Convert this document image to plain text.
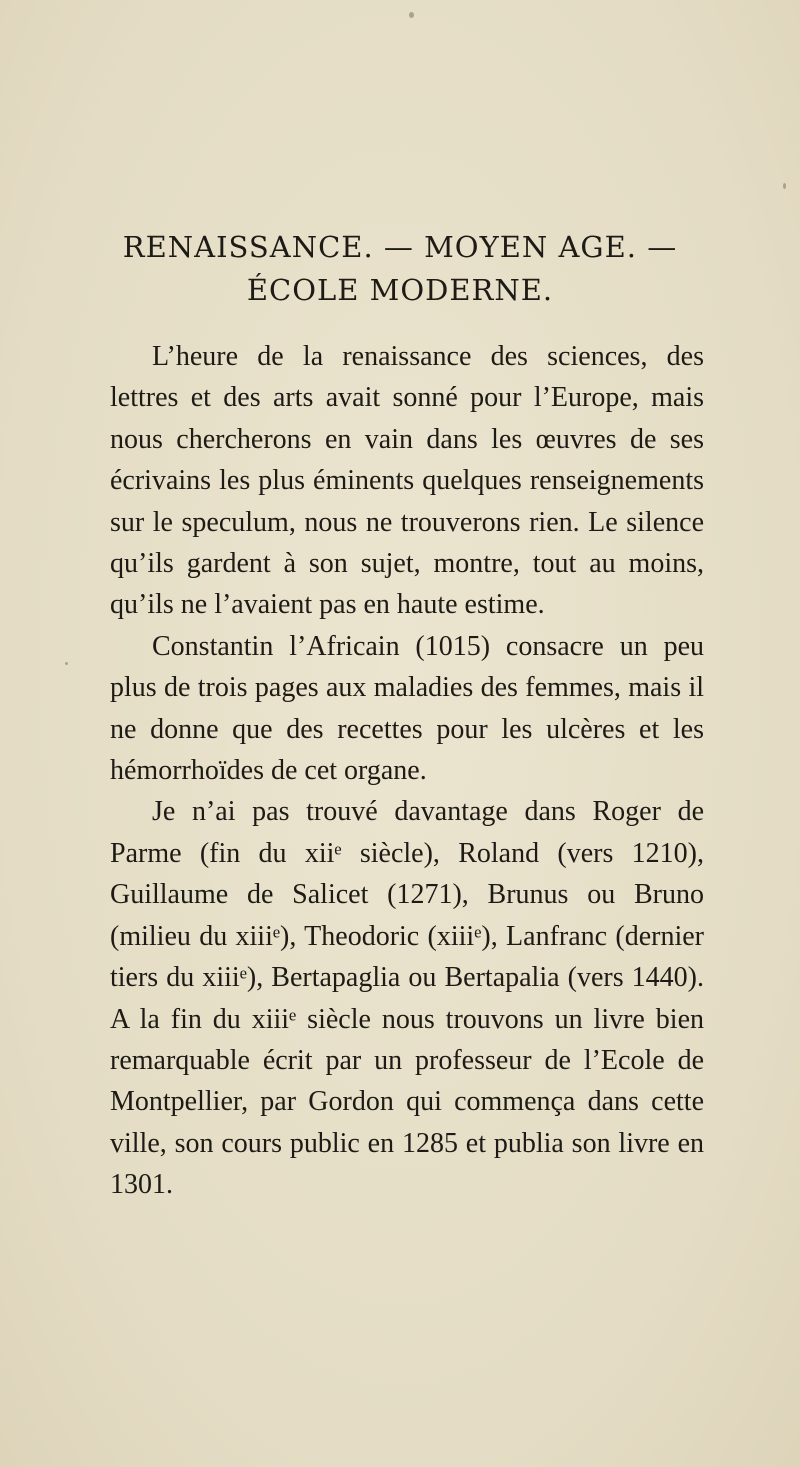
RENAISSANCE. — MOYEN AGE. —
ÉCOLE MODERNE.

L’heure de la renaissance des sciences, des lettres et des arts avait sonné pour l’Europe, mais nous chercherons en vain dans les œuvres de ses écrivains les plus éminents quelques renseignements sur le speculum, nous ne trouverons rien. Le silence qu’ils gardent à son sujet, montre, tout au moins, qu’ils ne l’avaient pas en haute estime.

Constantin l’Africain (1015) consacre un peu plus de trois pages aux maladies des femmes, mais il ne donne que des recettes pour les ulcères et les hémorrhoïdes de cet organe.

Je n’ai pas trouvé davantage dans Roger de Parme (fin du xiiᵉ siècle), Roland (vers 1210), Guillaume de Salicet (1271), Brunus ou Bruno (milieu du xiiiᵉ), Theodoric (xiiiᵉ), Lanfranc (dernier tiers du xiiiᵉ), Bertapaglia ou Bertapalia (vers 1440). A la fin du xiiiᵉ siècle nous trouvons un livre bien remarquable écrit par un professeur de l’Ecole de Montpellier, par Gordon qui commença dans cette ville, son cours public en 1285 et publia son livre en 1301.
